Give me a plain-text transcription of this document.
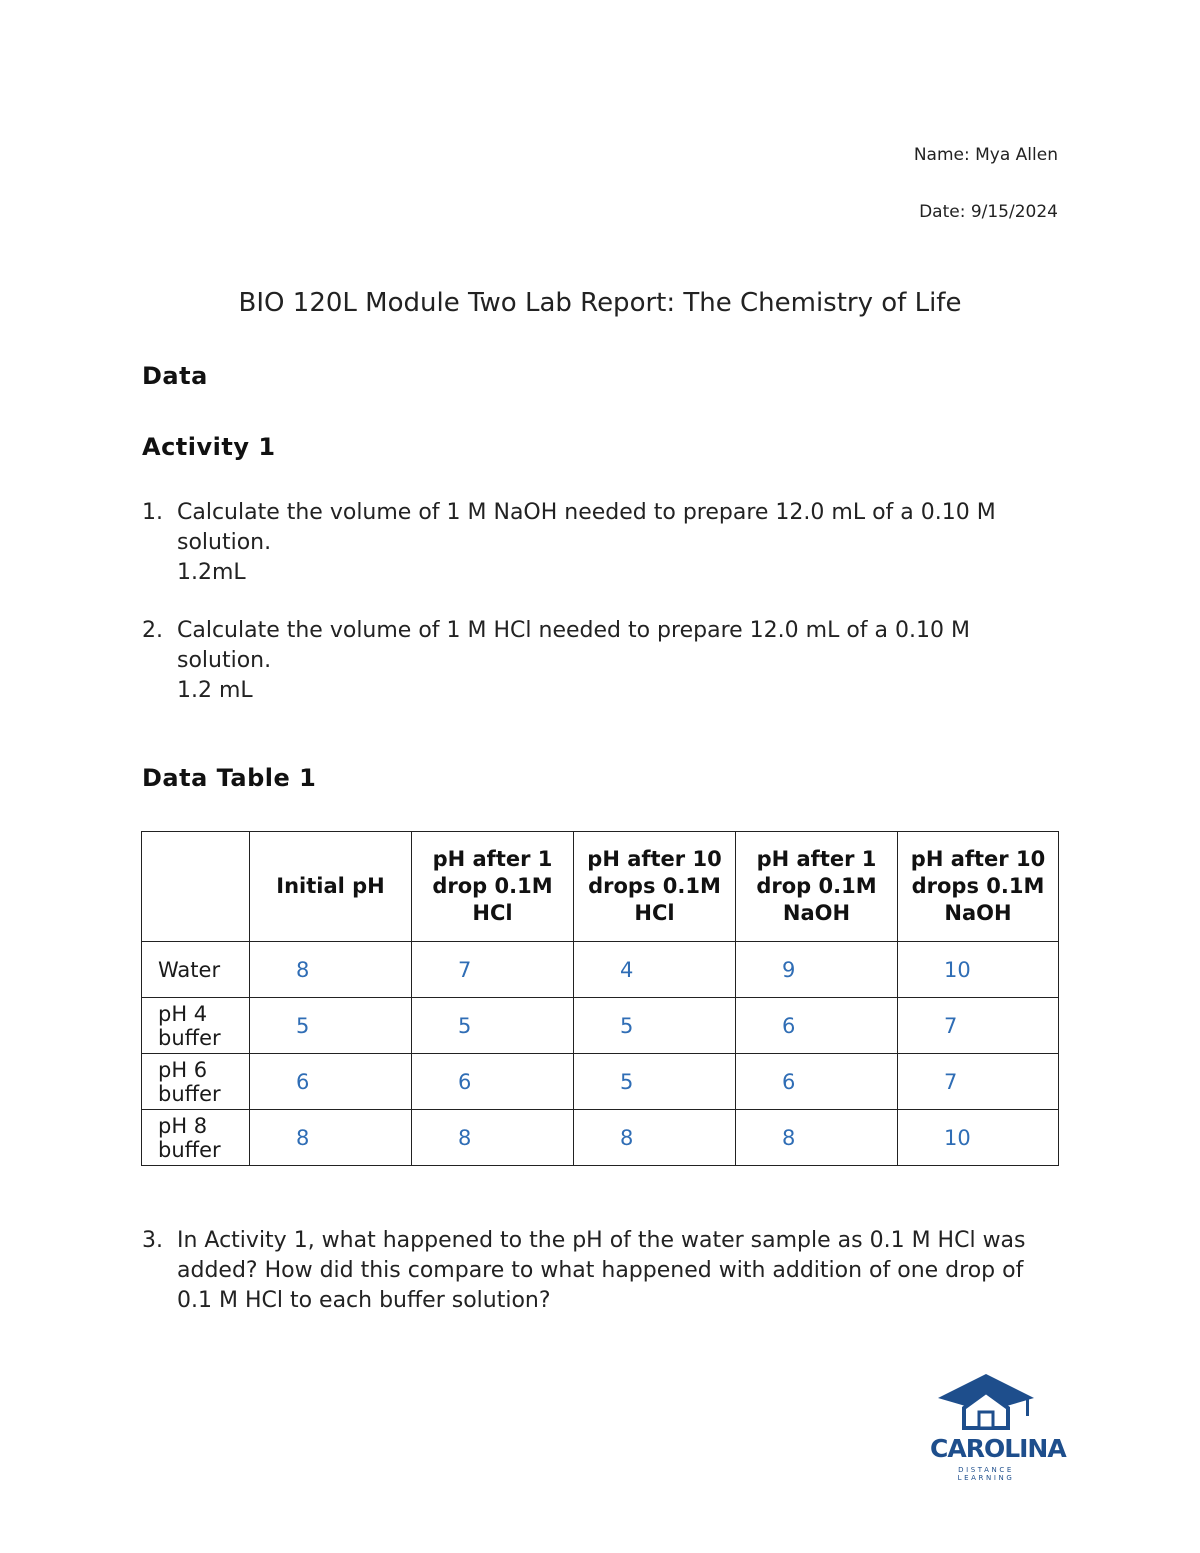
Name: Mya Allen
Date: 9/15/2024
BIO 120L Module Two Lab Report: The Chemistry of Life
Data
Activity 1
1. Calculate the volume of 1 M NaOH needed to prepare 12.0 mL of a 0.10 M solution.
1.2mL
2. Calculate the volume of 1 M HCl needed to prepare 12.0 mL of a 0.10 M solution.
1.2 mL
Data Table 1
	Initial pH	pH after 1 drop 0.1M HCl	pH after 10 drops 0.1M HCl	pH after 1 drop 0.1M NaOH	pH after 10 drops 0.1M NaOH
Water	8	7	4	9	10
pH 4 buffer	5	5	5	6	7
pH 6 buffer	6	6	5	6	7
pH 8 buffer	8	8	8	8	10
3. In Activity 1, what happened to the pH of the water sample as 0.1 M HCl was added? How did this compare to what happened with addition of one drop of 0.1 M HCl to each buffer solution?
CAROLINA
DISTANCE LEARNING
